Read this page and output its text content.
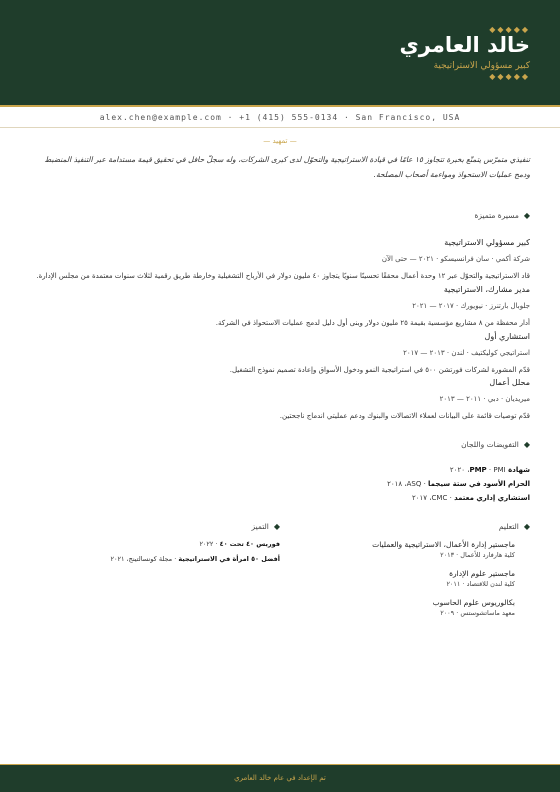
◆◆◆◆◆
خالد العامري
كبير مسؤولي الاستراتيجية
◆◆◆◆◆
alex.chen@example.com · +1 (415) 555-0134 · San Francisco, USA
— تمهيد —
تنفيذي متمرّس يتمتّع بخبرة تتجاوز ١٥ عامًا في قيادة الاستراتيجية والتحوّل لدى كبرى الشركات، وله سجلّ حافل في تحقيق قيمة مستدامة عبر التنفيذ المنضبط ودمج عمليات الاستحواذ ومواءمة أصحاب المصلحة.
◆مسيرة متميزة
كبير مسؤولي الاستراتيجية
شركة أكمي · سان فرانسيسكو · ٢٠٢١ — حتى الآن
قاد الاستراتيجية والتحوّل عبر ١٢ وحدة أعمال محققًا تحسينًا سنويًا يتجاوز ٤٠ مليون دولار في الأرباح التشغيلية وخارطة طريق رقمية لثلاث سنوات معتمدة من مجلس الإدارة.
مدير مشارك، الاستراتيجية
جلوبال بارتنرز · نيويورك · ٢٠١٧ — ٢٠٢١
أدار محفظة من ٨ مشاريع مؤسسية بقيمة ٢٥ مليون دولار وبنى أول دليل لدمج عمليات الاستحواذ في الشركة.
استشاري أول
استراتيجي كوليكتيف · لندن · ٢٠١٣ — ٢٠١٧
قدّم المشورة لشركات فورتشن ٥٠٠ في استراتيجية النمو ودخول الأسواق وإعادة تصميم نموذج التشغيل.
محلل أعمال
ميريديان · دبي · ٢٠١١ — ٢٠١٣
قدّم توصيات قائمة على البيانات لعملاء الاتصالات والبنوك ودعم عمليتي اندماج ناجحتين.
◆التفويضات واللجان
شهادة PMP · PMI، ٢٠٢٠
الحزام الأسود في ستة سيجما · ASQ، ٢٠١٨
استشاري إداري معتمد · CMC، ٢٠١٧
◆التعليم
ماجستير إدارة الأعمال، الاستراتيجية والعمليات
كلية هارفارد للأعمال · ٢٠١٣
ماجستير علوم الإدارة
كلية لندن للاقتصاد · ٢٠١١
بكالوريوس علوم الحاسوب
معهد ماساتشوستس · ٢٠٠٩
◆التميز
فوربس ٤٠ تحت ٤٠ · ٢٠٢٢
أفضل ٥٠ امرأة في الاستراتيجية · مجلة كونسالتينج، ٢٠٢١
تم الإعداد في عام خالد العامري
